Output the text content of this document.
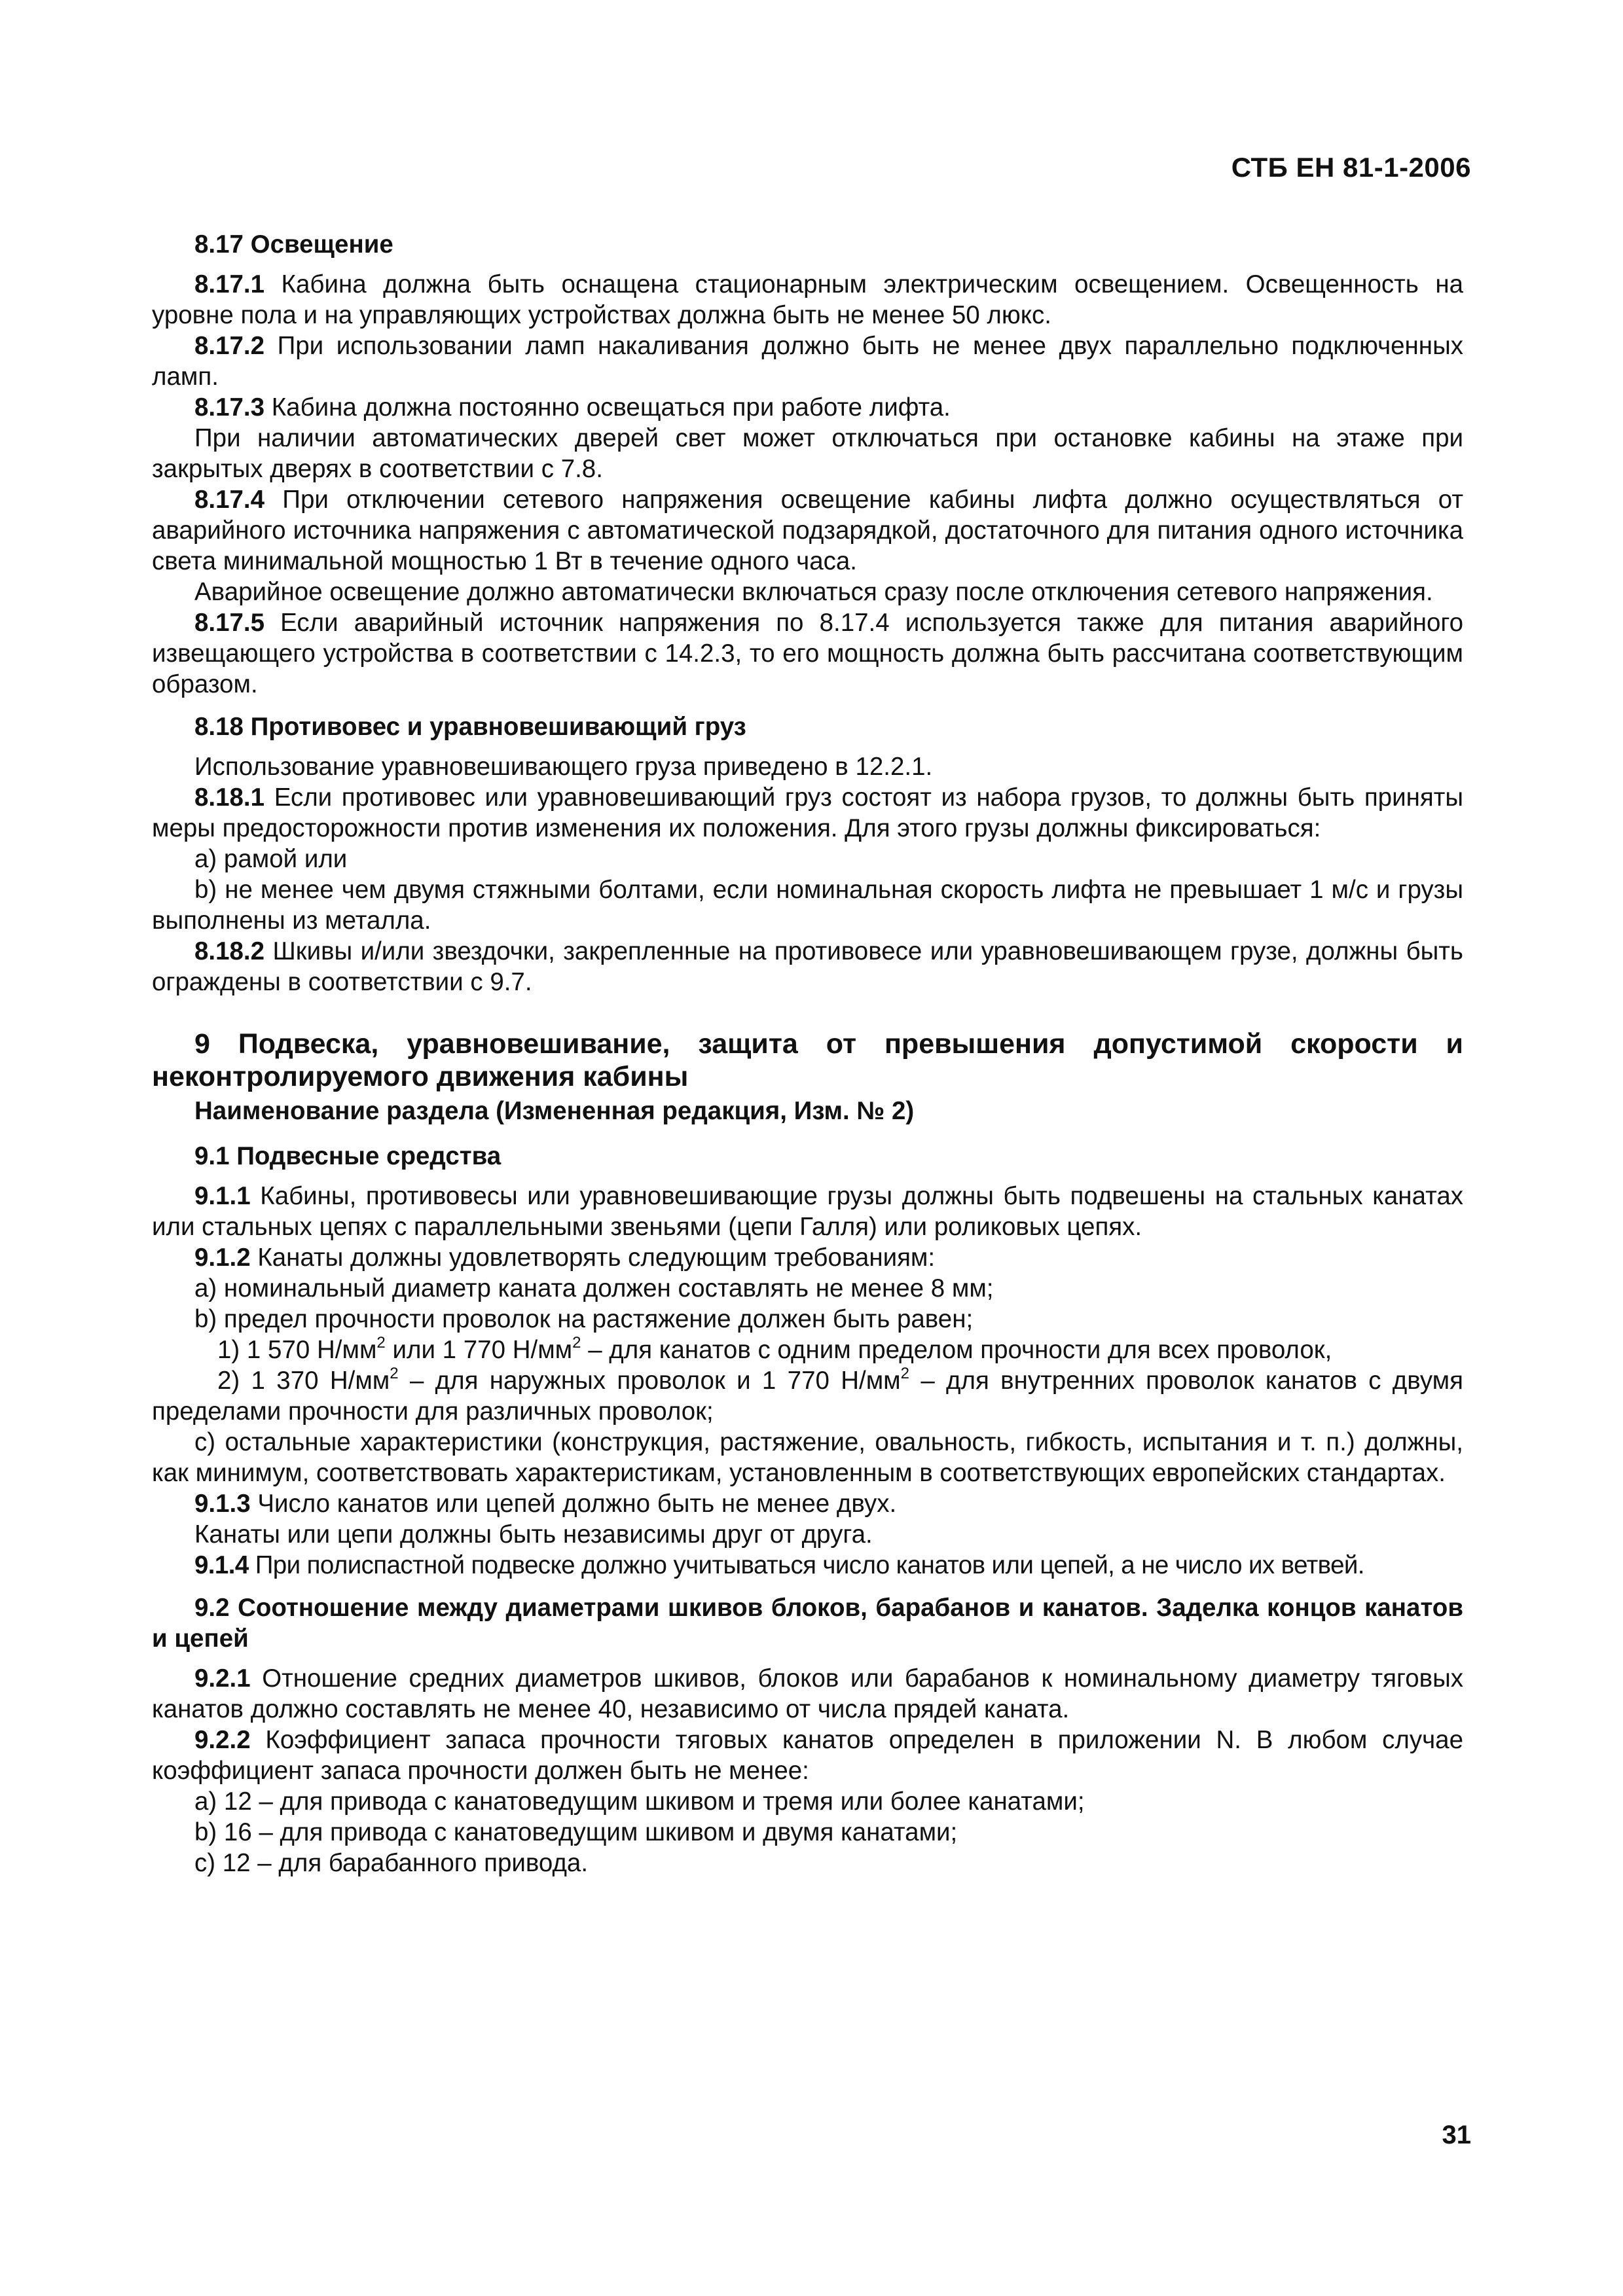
СТБ ЕН 81-1-2006

8.17 Освещение

8.17.1 Кабина должна быть оснащена стационарным электрическим освещением. Освещенность на уровне пола и на управляющих устройствах должна быть не менее 50 люкс.

8.17.2 При использовании ламп накаливания должно быть не менее двух параллельно подключенных ламп.

8.17.3 Кабина должна постоянно освещаться при работе лифта.

При наличии автоматических дверей свет может отключаться при остановке кабины на этаже при закрытых дверях в соответствии с 7.8.

8.17.4 При отключении сетевого напряжения освещение кабины лифта должно осуществляться от аварийного источника напряжения с автоматической подзарядкой, достаточного для питания одного источника света минимальной мощностью 1 Вт в течение одного часа.

Аварийное освещение должно автоматически включаться сразу после отключения сетевого напряжения.

8.17.5 Если аварийный источник напряжения по 8.17.4 используется также для питания аварийного извещающего устройства в соответствии с 14.2.3, то его мощность должна быть рассчитана соответствующим образом.

8.18 Противовес и уравновешивающий груз

Использование уравновешивающего груза приведено в 12.2.1.

8.18.1 Если противовес или уравновешивающий груз состоят из набора грузов, то должны быть приняты меры предосторожности против изменения их положения. Для этого грузы должны фиксироваться:

a) рамой или

b) не менее чем двумя стяжными болтами, если номинальная скорость лифта не превышает 1 м/с и грузы выполнены из металла.

8.18.2 Шкивы и/или звездочки, закрепленные на противовесе или уравновешивающем грузе, должны быть ограждены в соответствии с 9.7.

9 Подвеска, уравновешивание, защита от превышения допустимой скорости и неконтролируемого движения кабины

Наименование раздела (Измененная редакция, Изм. № 2)

9.1 Подвесные средства

9.1.1 Кабины, противовесы или уравновешивающие грузы должны быть подвешены на стальных канатах или стальных цепях с параллельными звеньями (цепи Галля) или роликовых цепях.

9.1.2 Канаты должны удовлетворять следующим требованиям:

a) номинальный диаметр каната должен составлять не менее 8 мм;

b) предел прочности проволок на растяжение должен быть равен;

1) 1 570 $Н/мм^2$ или 1 770 $Н/мм^2$ – для канатов с одним пределом прочности для всех проволок,

2) 1 370 $Н/мм^2$ – для наружных проволок и 1 770 $Н/мм^2$ – для внутренних проволок канатов с двумя пределами прочности для различных проволок;

c) остальные характеристики (конструкция, растяжение, овальность, гибкость, испытания и т. п.) должны, как минимум, соответствовать характеристикам, установленным в соответствующих европейских стандартах.

9.1.3 Число канатов или цепей должно быть не менее двух.

Канаты или цепи должны быть независимы друг от друга.

9.1.4 При полиспастной подвеске должно учитываться число канатов или цепей, а не число их ветвей.

9.2 Соотношение между диаметрами шкивов блоков, барабанов и канатов. Заделка концов канатов и цепей

9.2.1 Отношение средних диаметров шкивов, блоков или барабанов к номинальному диаметру тяговых канатов должно составлять не менее 40, независимо от числа прядей каната.

9.2.2 Коэффициент запаса прочности тяговых канатов определен в приложении N. В любом случае коэффициент запаса прочности должен быть не менее:

a) 12 – для привода с канатоведущим шкивом и тремя или более канатами;

b) 16 – для привода с канатоведущим шкивом и двумя канатами;

c) 12 – для барабанного привода.

31
